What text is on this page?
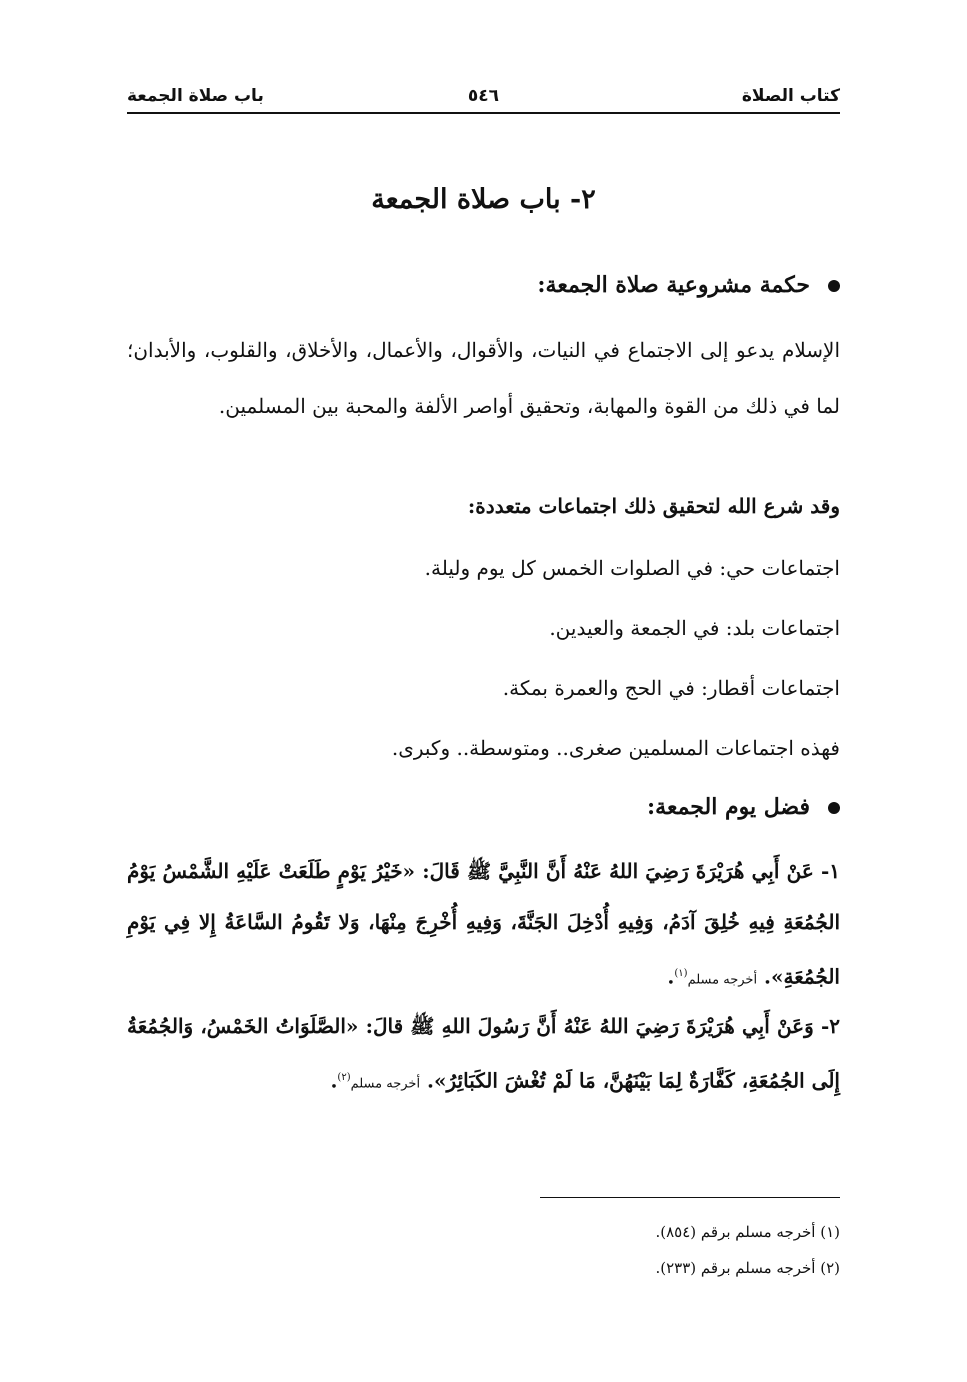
كتاب الصلاة
٥٤٦
باب صلاة الجمعة
٢- باب صلاة الجمعة
حكمة مشروعية صلاة الجمعة:
الإسلام يدعو إلى الاجتماع في النيات، والأقوال، والأعمال، والأخلاق، والقلوب، والأبدان؛ لما في ذلك من القوة والمهابة، وتحقيق أواصر الألفة والمحبة بين المسلمين.
وقد شرع الله لتحقيق ذلك اجتماعات متعددة:
اجتماعات حي: في الصلوات الخمس كل يوم وليلة.
اجتماعات بلد: في الجمعة والعيدين.
اجتماعات أقطار: في الحج والعمرة بمكة.
فهذه اجتماعات المسلمين صغرى.. ومتوسطة.. وكبرى.
فضل يوم الجمعة:
١- عَنْ أَبِي هُرَيْرَةَ رَضِيَ اللهُ عَنْهُ أَنَّ النَّبِيَّ ﷺ قَالَ: «خَيْرُ يَوْمٍ طَلَعَتْ عَلَيْهِ الشَّمْسُ يَوْمُ الجُمُعَةِ فِيهِ خُلِقَ آدَمُ، وَفِيهِ أُدْخِلَ الجَنَّةَ، وَفِيهِ أُخْرِجَ مِنْهَا، وَلا تَقُومُ السَّاعَةُ إِلا فِي يَوْمِ الجُمُعَةِ». أخرجه مسلم$^{(١)}$.
٢- وَعَنْ أَبِي هُرَيْرَةَ رَضِيَ اللهُ عَنْهُ أَنَّ رَسُولَ اللهِ ﷺ قالَ: «الصَّلَوَاتُ الخَمْسُ، وَالجُمُعَةُ إِلَى الجُمُعَةِ، كَفَّارَةٌ لِمَا بَيْنَهُنَّ، مَا لَمْ تُغْشَ الكَبَائِرُ». أخرجه مسلم$^{(٢)}$.
(١) أخرجه مسلم برقم (٨٥٤).
(٢) أخرجه مسلم برقم (٢٣٣).
